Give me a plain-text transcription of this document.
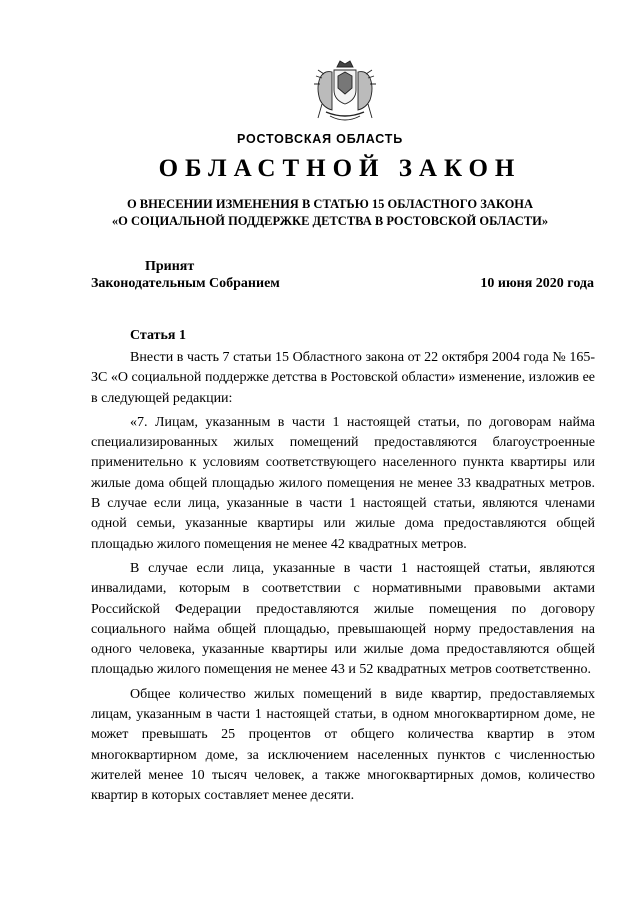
РОСТОВСКАЯ ОБЛАСТЬ
ОБЛАСТНОЙ ЗАКОН
О ВНЕСЕНИИ ИЗМЕНЕНИЯ В СТАТЬЮ 15 ОБЛАСТНОГО ЗАКОНА
«О СОЦИАЛЬНОЙ ПОДДЕРЖКЕ ДЕТСТВА В РОСТОВСКОЙ ОБЛАСТИ»
Принят
Законодательным Собранием	10 июня 2020 года
Статья 1

Внести в часть 7 статьи 15 Областного закона от 22 октября 2004 года № 165-ЗС «О социальной поддержке детства в Ростовской области» изменение, изложив ее в следующей редакции:

«7. Лицам, указанным в части 1 настоящей статьи, по договорам найма специализированных жилых помещений предоставляются благоустроенные применительно к условиям соответствующего населенного пункта квартиры или жилые дома общей площадью жилого помещения не менее 33 квадратных метров. В случае если лица, указанные в части 1 настоящей статьи, являются членами одной семьи, указанные квартиры или жилые дома предоставляются общей площадью жилого помещения не менее 42 квадратных метров.

В случае если лица, указанные в части 1 настоящей статьи, являются инвалидами, которым в соответствии с нормативными правовыми актами Российской Федерации предоставляются жилые помещения по договору социального найма общей площадью, превышающей норму предоставления на одного человека, указанные квартиры или жилые дома предоставляются общей площадью жилого помещения не менее 43 и 52 квадратных метров соответственно.

Общее количество жилых помещений в виде квартир, предоставляемых лицам, указанным в части 1 настоящей статьи, в одном многоквартирном доме, не может превышать 25 процентов от общего количества квартир в этом многоквартирном доме, за исключением населенных пунктов с численностью жителей менее 10 тысяч человек, а также многоквартирных домов, количество квартир в которых составляет менее десяти.
